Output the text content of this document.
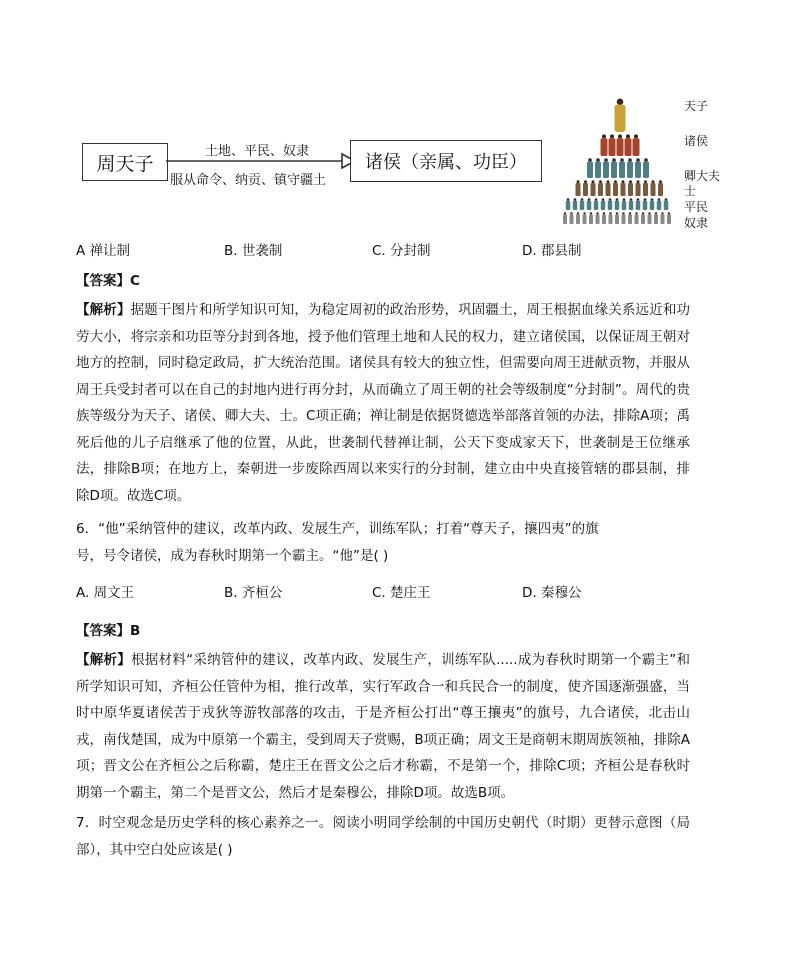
周天子
土地、平民、奴隶
服从命令、纳贡、镇守疆土
诸侯（亲属、功臣）
天子
诸侯
卿大夫
士
平民
奴隶
A 禅让制	B. 世袭制	C. 分封制	D. 郡县制
【答案】C
【解析】据题干图片和所学知识可知，为稳定周初的政治形势，巩固疆土，周王根据血缘关系远近和功劳大小，将宗亲和功臣等分封到各地，授予他们管理土地和人民的权力，建立诸侯国，以保证周王朝对地方的控制，同时稳定政局，扩大统治范围。诸侯具有较大的独立性，但需要向周王进献贡物，并服从周王兵受封者可以在自己的封地内进行再分封，从而确立了周王朝的社会等级制度“分封制”。周代的贵族等级分为天子、诸侯、卿大夫、士。C项正确；禅让制是依据贤德选举部落首领的办法，排除A项；禹死后他的儿子启继承了他的位置，从此，世袭制代替禅让制，公天下变成家天下，世袭制是王位继承法，排除B项；在地方上，秦朝进一步废除西周以来实行的分封制，建立由中央直接管辖的郡县制，排除D项。故选C项。
6．“他”采纳管仲的建议，改革内政、发展生产，训练军队；打着“尊天子，攘四夷”的旗
号，号令诸侯，成为春秋时期第一个霸主。“他”是( )
A. 周文王	B. 齐桓公	C. 楚庄王	D. 秦穆公
【答案】B
【解析】根据材料“采纳管仲的建议，改革内政、发展生产，训练军队.....成为春秋时期第一个霸主”和所学知识可知，齐桓公任管仲为相，推行改革，实行军政合一和兵民合一的制度，使齐国逐渐强盛，当时中原华夏诸侯苦于戎狄等游牧部落的攻击，于是齐桓公打出“尊王攘夷”的旗号，九合诸侯，北击山戎，南伐楚国，成为中原第一个霸主，受到周天子赏赐，B项正确；周文王是商朝末期周族领袖，排除A项；晋文公在齐桓公之后称霸，楚庄王在晋文公之后才称霸，不是第一个，排除C项；齐桓公是春秋时期第一个霸主，第二个是晋文公，然后才是秦穆公，排除D项。故选B项。
7．时空观念是历史学科的核心素养之一。阅读小明同学绘制的中国历史朝代（时期）更替示意图（局部），其中空白处应该是( )
